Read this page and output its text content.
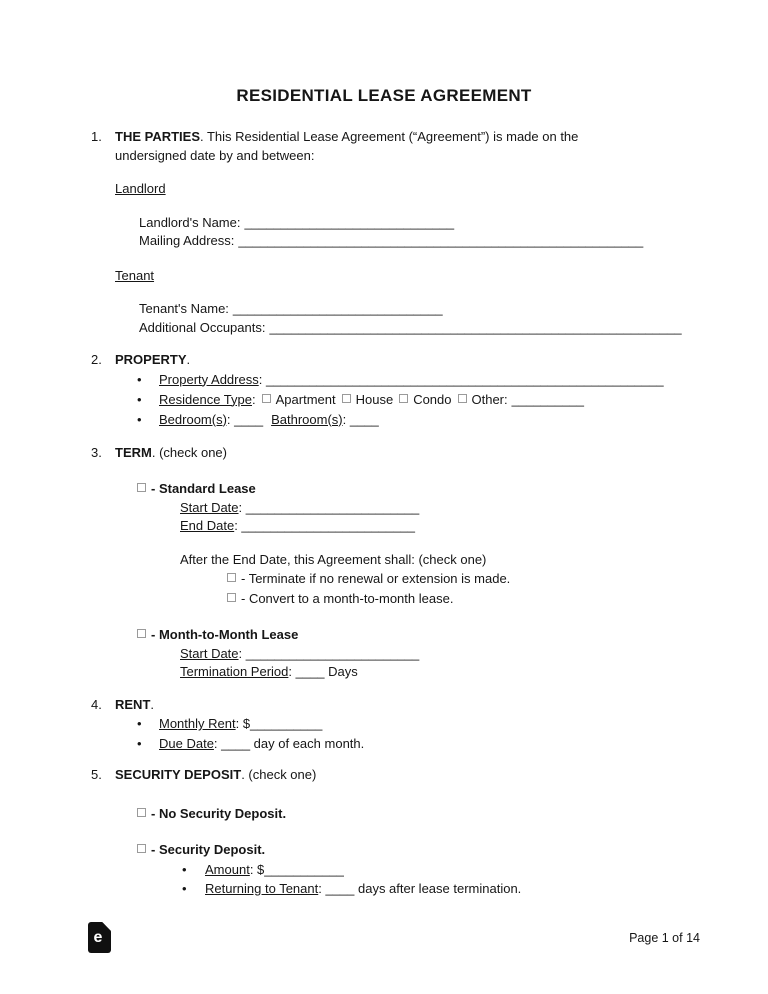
RESIDENTIAL LEASE AGREEMENT
1. THE PARTIES. This Residential Lease Agreement (“Agreement”) is made on the
undersigned date by and between:
Landlord
Landlord's Name: _____________________________
Mailing Address: ________________________________________________________
Tenant
Tenant's Name: _____________________________
Additional Occupants: _________________________________________________________
2. PROPERTY.
Property Address: _______________________________________________________
Residence Type: Apartment House Condo Other: __________
Bedroom(s): ____ Bathroom(s): ____
3. TERM. (check one)
- Standard Lease
Start Date: ________________________
End Date: ________________________
After the End Date, this Agreement shall: (check one)
- Terminate if no renewal or extension is made.
- Convert to a month-to-month lease.
- Month-to-Month Lease
Start Date: ________________________
Termination Period: ____ Days
4. RENT.
Monthly Rent: $__________
Due Date: ____ day of each month.
5. SECURITY DEPOSIT. (check one)
- No Security Deposit.
- Security Deposit.
Amount: $___________
Returning to Tenant: ____ days after lease termination.
e	Page 1 of 14
